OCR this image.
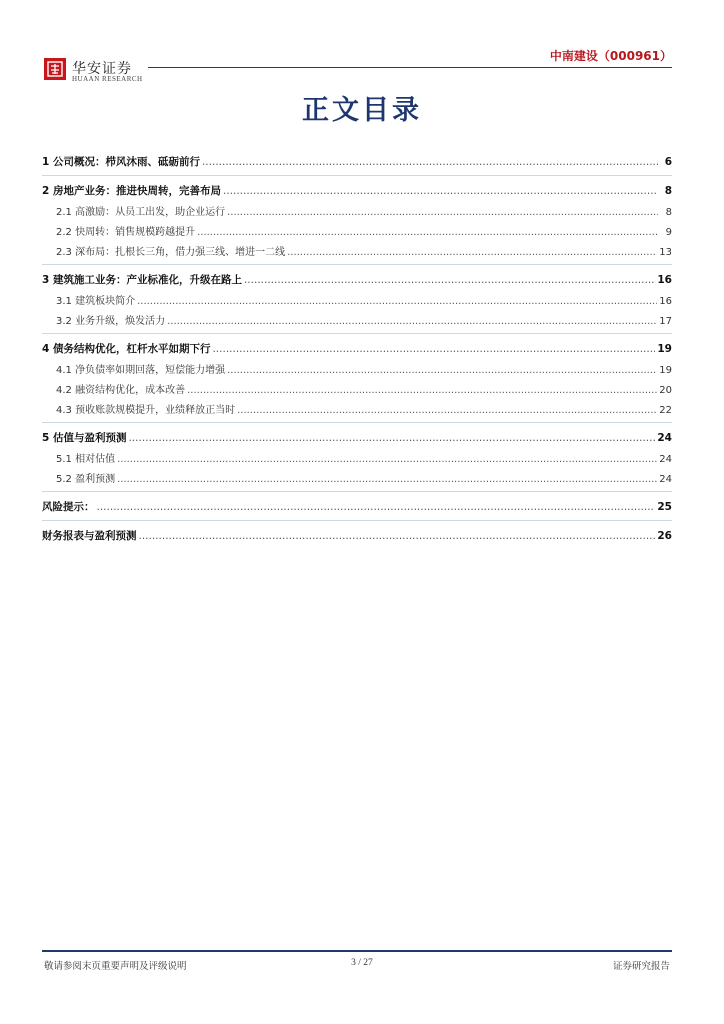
华安证券
HUAAN RESEARCH
中南建设（000961）
正文目录
1 公司概况：栉风沐雨、砥砺前行 .....	6
2 房地产业务：推进快周转，完善布局 .....	8
2.1 高激励：从员工出发，助企业运行 .....	8
2.2 快周转：销售规模跨越提升 .....	9
2.3 深布局：扎根长三角，借力强三线、增进一二线 .....	13
3 建筑施工业务：产业标准化，升级在路上 .....	16
3.1 建筑板块简介 .....	16
3.2 业务升级，焕发活力 .....	17
4 债务结构优化，杠杆水平如期下行 .....	19
4.1 净负债率如期回落，短偿能力增强 .....	19
4.2 融资结构优化，成本改善 .....	20
4.3 预收账款规模提升，业绩释放正当时 .....	22
5 估值与盈利预测 .....	24
5.1 相对估值 .....	24
5.2 盈利预测 .....	24
风险提示： .....	25
财务报表与盈利预测 .....	26
敬请参阅末页重要声明及评级说明	3 / 27	证券研究报告
